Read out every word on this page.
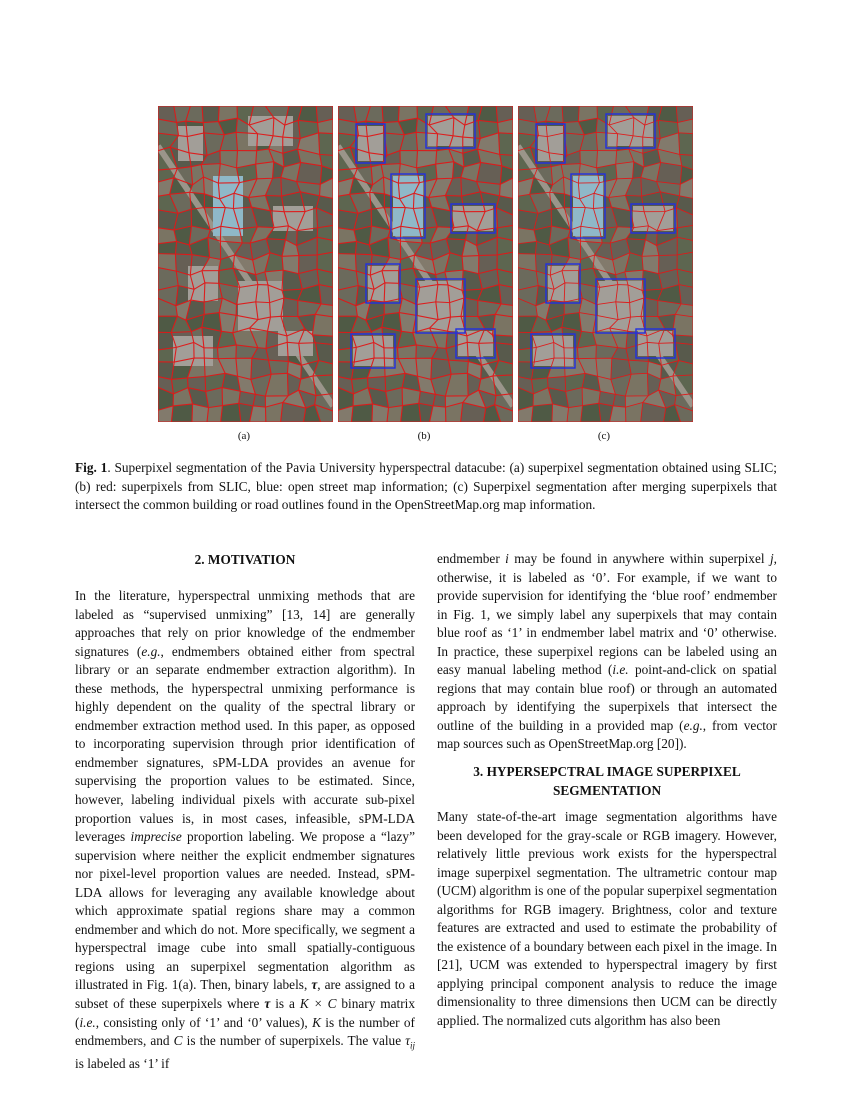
(a)	(b)	(c)
Fig. 1. Superpixel segmentation of the Pavia University hyperspectral datacube: (a) superpixel segmentation obtained using SLIC; (b) red: superpixels from SLIC, blue: open street map information; (c) Superpixel segmentation after merging superpixels that intersect the common building or road outlines found in the OpenStreetMap.org map information.
2. MOTIVATION

In the literature, hyperspectral unmixing methods that are labeled as “supervised unmixing” [13, 14] are generally approaches that rely on prior knowledge of the endmember signatures (e.g., endmembers obtained either from spectral library or an separate endmember extraction algorithm). In these methods, the hyperspectral unmixing performance is highly dependent on the quality of the spectral library or endmember extraction method used. In this paper, as opposed to incorporating supervision through prior identification of endmember signatures, sPM-LDA provides an avenue for supervising the proportion values to be estimated. Since, however, labeling individual pixels with accurate sub-pixel proportion values is, in most cases, infeasible, sPM-LDA leverages imprecise proportion labeling. We propose a “lazy” supervision where neither the explicit endmember signatures nor pixel-level proportion values are needed. Instead, sPM-LDA allows for leveraging any available knowledge about which approximate spatial regions share may a common endmember and which do not. More specifically, we segment a hyperspectral image cube into small spatially-contiguous regions using an superpixel segmentation algorithm as illustrated in Fig. 1(a). Then, binary labels, τ, are assigned to a subset of these superpixels where τ is a K × C binary matrix (i.e., consisting only of ‘1’ and ‘0’ values), K is the number of endmembers, and C is the number of superpixels. The value $\tau_{ij}$ is labeled as ‘1’ if

endmember i may be found in anywhere within superpixel j, otherwise, it is labeled as ‘0’. For example, if we want to provide supervision for identifying the ‘blue roof’ endmember in Fig. 1, we simply label any superpixels that may contain blue roof as ‘1’ in endmember label matrix and ‘0’ otherwise. In practice, these superpixel regions can be labeled using an easy manual labeling method (i.e. point-and-click on spatial regions that may contain blue roof) or through an automated approach by identifying the superpixels that intersect the outline of the building in a provided map (e.g., from vector map sources such as OpenStreetMap.org [20]).

3. HYPERSEPCTRAL IMAGE SUPERPIXEL
SEGMENTATION

Many state-of-the-art image segmentation algorithms have been developed for the gray-scale or RGB imagery. However, relatively little previous work exists for the hyperspectral image superpixel segmentation. The ultrametric contour map (UCM) algorithm is one of the popular superpixel segmentation algorithms for RGB imagery. Brightness, color and texture features are extracted and used to estimate the probability of the existence of a boundary between each pixel in the image. In [21], UCM was extended to hyperspectral imagery by first applying principal component analysis to reduce the image dimensionality to three dimensions then UCM can be directly applied. The normalized cuts algorithm has also been
